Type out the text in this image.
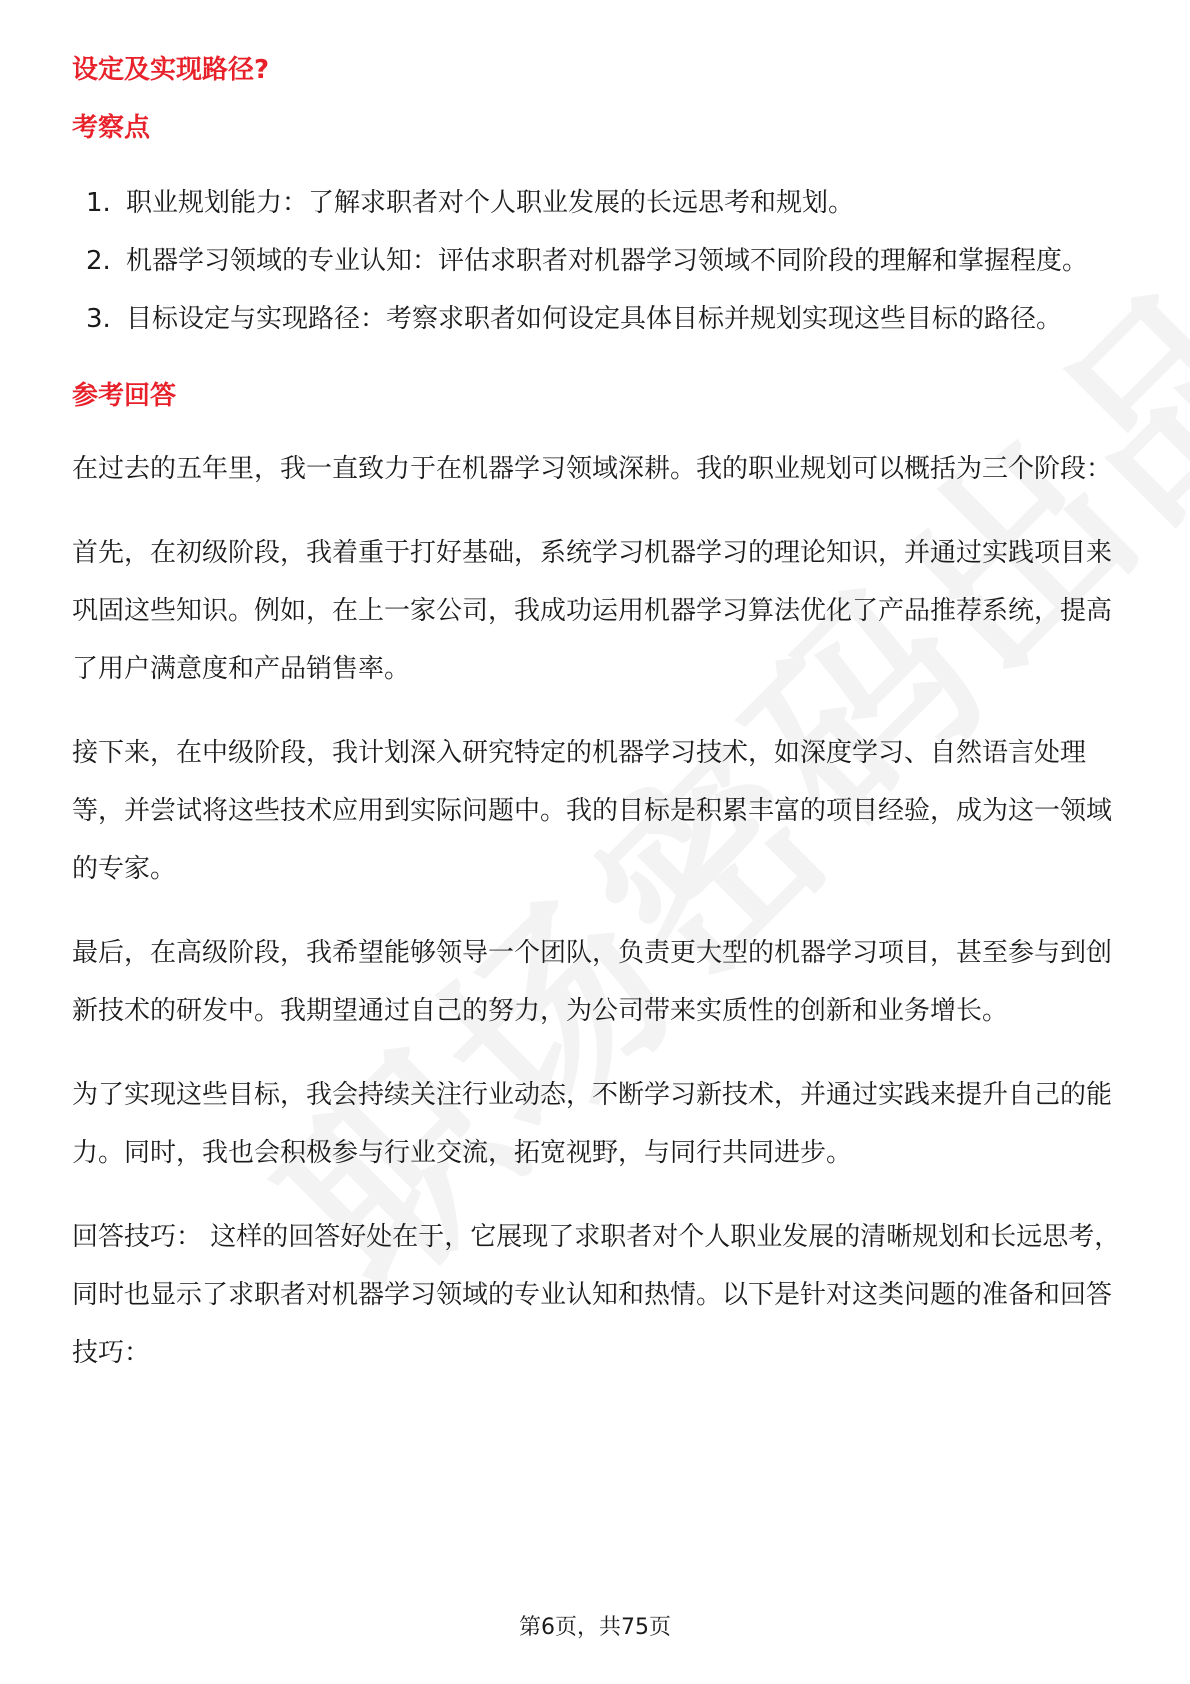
设定及实现路径?
考察点
1. 职业规划能力：了解求职者对个人职业发展的长远思考和规划。
2. 机器学习领域的专业认知：评估求职者对机器学习领域不同阶段的理解和掌握程度。
3. 目标设定与实现路径：考察求职者如何设定具体目标并规划实现这些目标的路径。
参考回答

在过去的五年里，我一直致力于在机器学习领域深耕。我的职业规划可以概括为三个阶段：

首先，在初级阶段，我着重于打好基础，系统学习机器学习的理论知识，并通过实践项目来巩固这些知识。例如，在上一家公司，我成功运用机器学习算法优化了产品推荐系统，提高了用户满意度和产品销售率。

接下来，在中级阶段，我计划深入研究特定的机器学习技术，如深度学习、自然语言处理等，并尝试将这些技术应用到实际问题中。我的目标是积累丰富的项目经验，成为这一领域的专家。

最后，在高级阶段，我希望能够领导一个团队，负责更大型的机器学习项目，甚至参与到创新技术的研发中。我期望通过自己的努力，为公司带来实质性的创新和业务增长。

为了实现这些目标，我会持续关注行业动态，不断学习新技术，并通过实践来提升自己的能力。同时，我也会积极参与行业交流，拓宽视野，与同行共同进步。

回答技巧： 这样的回答好处在于，它展现了求职者对个人职业发展的清晰规划和长远思考，同时也显示了求职者对机器学习领域的专业认知和热情。以下是针对这类问题的准备和回答技巧：

第6页，共75页
